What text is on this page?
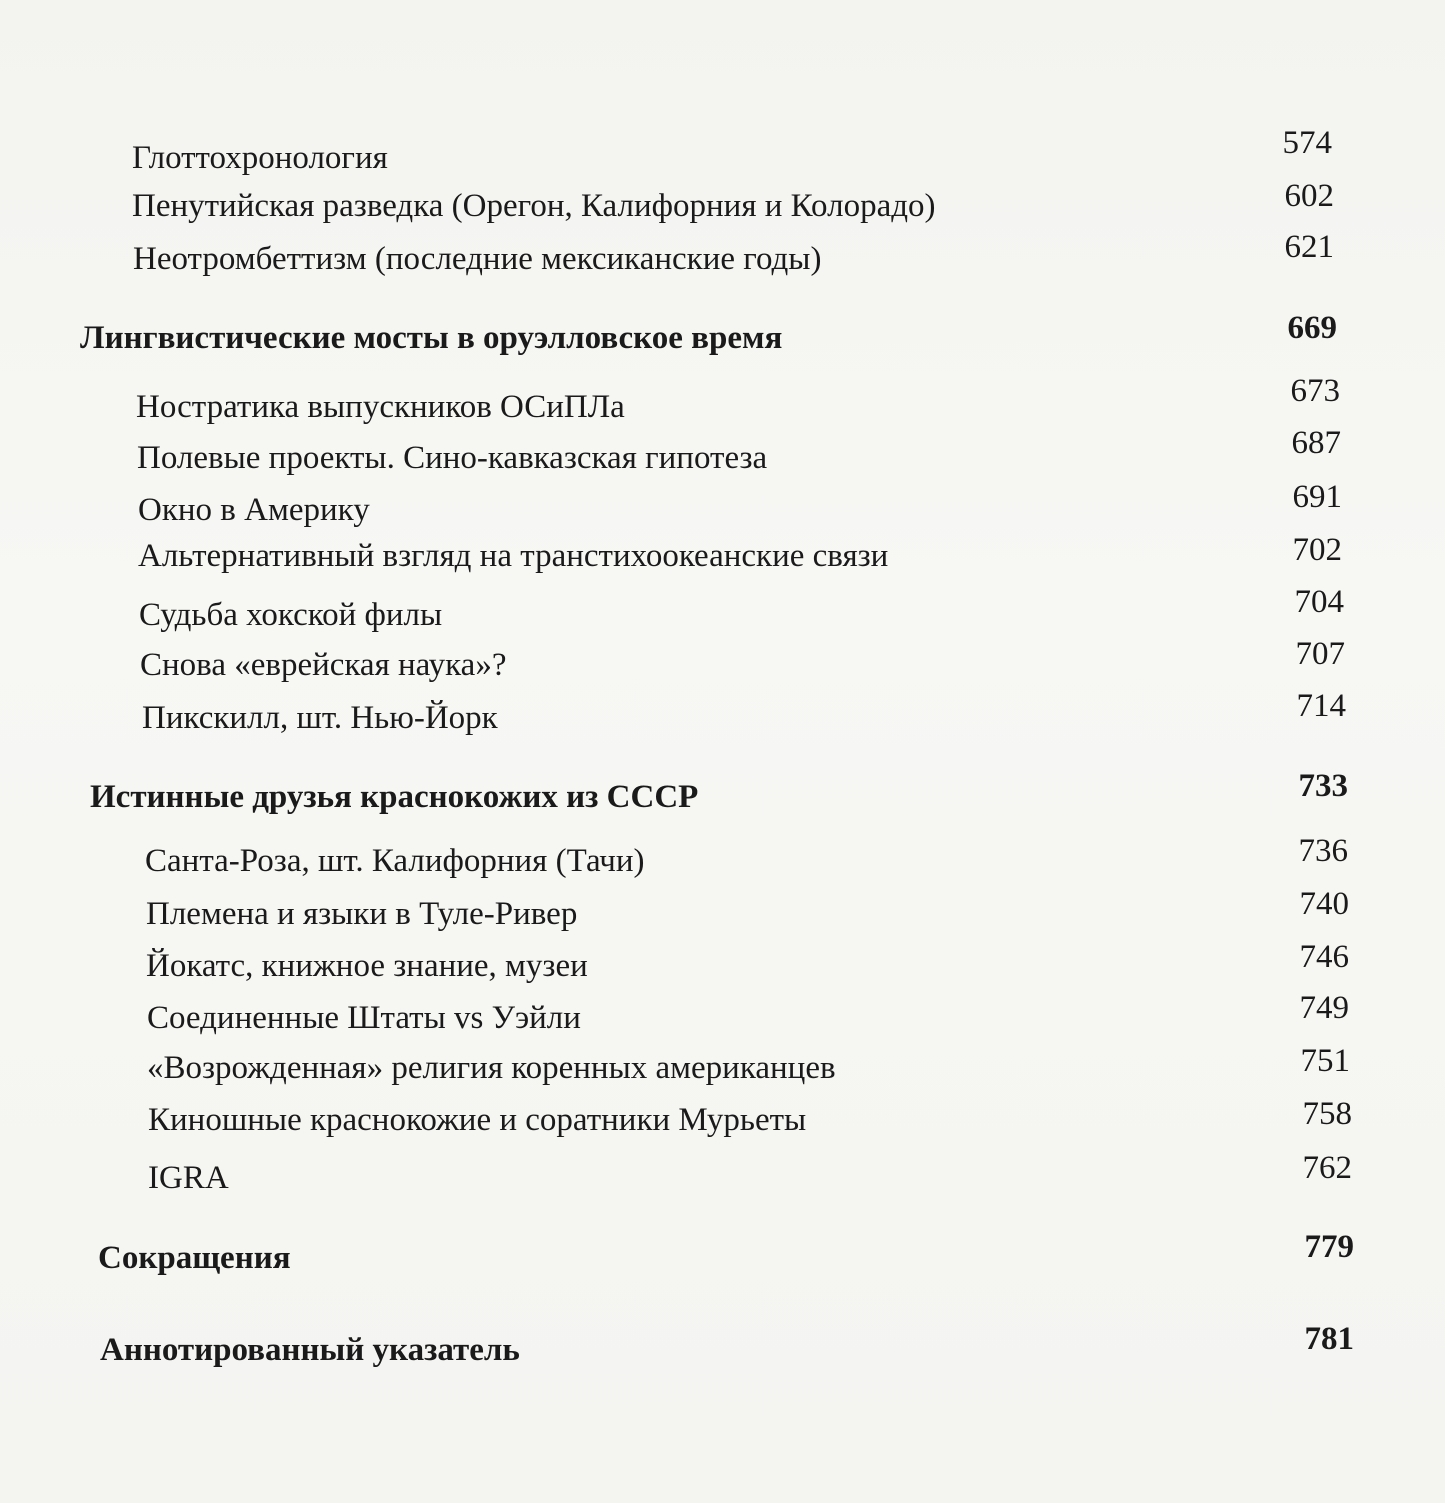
Глоттохронология	574
Пенутийская разведка (Орегон, Калифорния и Колорадо)	602
Неотромбеттизм (последние мексиканские годы)	621
Лингвистические мосты в оруэлловское время	669
Ностратика выпускников ОСиПЛа	673
Полевые проекты. Сино-кавказская гипотеза	687
Окно в Америку	691
Альтернативный взгляд на транстихоокеанские связи	702
Судьба хокской филы	704
Снова «еврейская наука»?	707
Пикскилл, шт. Нью-Йорк	714
Истинные друзья краснокожих из СССР	733
Санта-Роза, шт. Калифорния (Тачи)	736
Племена и языки в Туле-Ривер	740
Йокатс, книжное знание, музеи	746
Соединенные Штаты vs Уэйли	749
«Возрожденная» религия коренных американцев	751
Киношные краснокожие и соратники Мурьеты	758
IGRA	762
Сокращения	779
Аннотированный указатель	781
